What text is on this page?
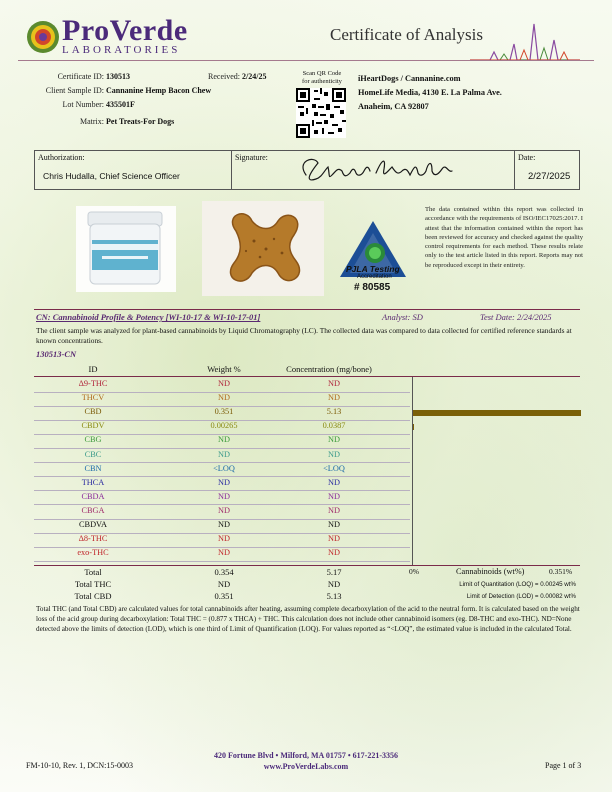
ProVerde
LABORATORIES
Certificate of Analysis
Certificate ID: 130513	Received: 2/24/25
Client Sample ID: Cannanine Hemp Bacon Chew
Lot Number: 435501F
Matrix: Pet Treats-For Dogs
Scan QR Code
for authenticity	iHeartDogs / Cannanine.com
HomeLife Media, 4130 E. La Palma Ave.
Anaheim, CA 92807
Authorization:
Chris Hudalla, Chief Science Officer
Signature:	Date:
2/27/2025
PJLA Testing
Accreditation
# 80585
The data contained within this report was collected in accordance with the requirements of ISO/IEC17025:2017. I attest that the information contained within the report has been reviewed for accuracy and checked against the quality control requirements for each method. These results relate only to the test article listed in this report. Reports may not be reproduced except in their entirety.
CN: Cannabinoid Profile & Potency [WI-10-17 & WI-10-17-01]	Analyst: SD	Test Date: 2/24/2025
The client sample was analyzed for plant-based cannabinoids by Liquid Chromatography (LC). The collected data was compared to data collected for certified reference standards at known concentrations.
130513-CN
ID	Weight %	Concentration (mg/bone)
Δ9-THC	ND	ND
THCV	ND	ND
CBD	0.351	5.13
CBDV	0.00265	0.0387
CBG	ND	ND
CBC	ND	ND
CBN	<LOQ	<LOQ
THCA	ND	ND
CBDA	ND	ND
CBGA	ND	ND
CBDVA	ND	ND
Δ8-THC	ND	ND
exo-THC	ND	ND
Total	0.354	5.17
Total THC	ND	ND
Total CBD	0.351	5.13
0%	Cannabinoids (wt%)	0.351%
Limit of Quantitation (LOQ) = 0.00245 wt%
Limit of Detection (LOD) = 0.00082 wt%
Total THC (and Total CBD) are calculated values for total cannabinoids after heating, assuming complete decarboxylation of the acid to the neutral form. It is calculated based on the weight loss of the acid group during decarboxylation: Total THC = (0.877 x THCA) + THC. This calculation does not include other cannabinoid isomers (eg. D8-THC and exo-THC). ND=None detected above the limits of detection (LOD), which is one third of Limit of Quantification (LOQ). For values reported as “<LOQ”, the estimated value is included in the calculated Total.
420 Fortune Blvd • Milford, MA 01757 • 617-221-3356
www.ProVerdeLabs.com
FM-10-10, Rev. 1, DCN:15-0003	Page 1 of 3
